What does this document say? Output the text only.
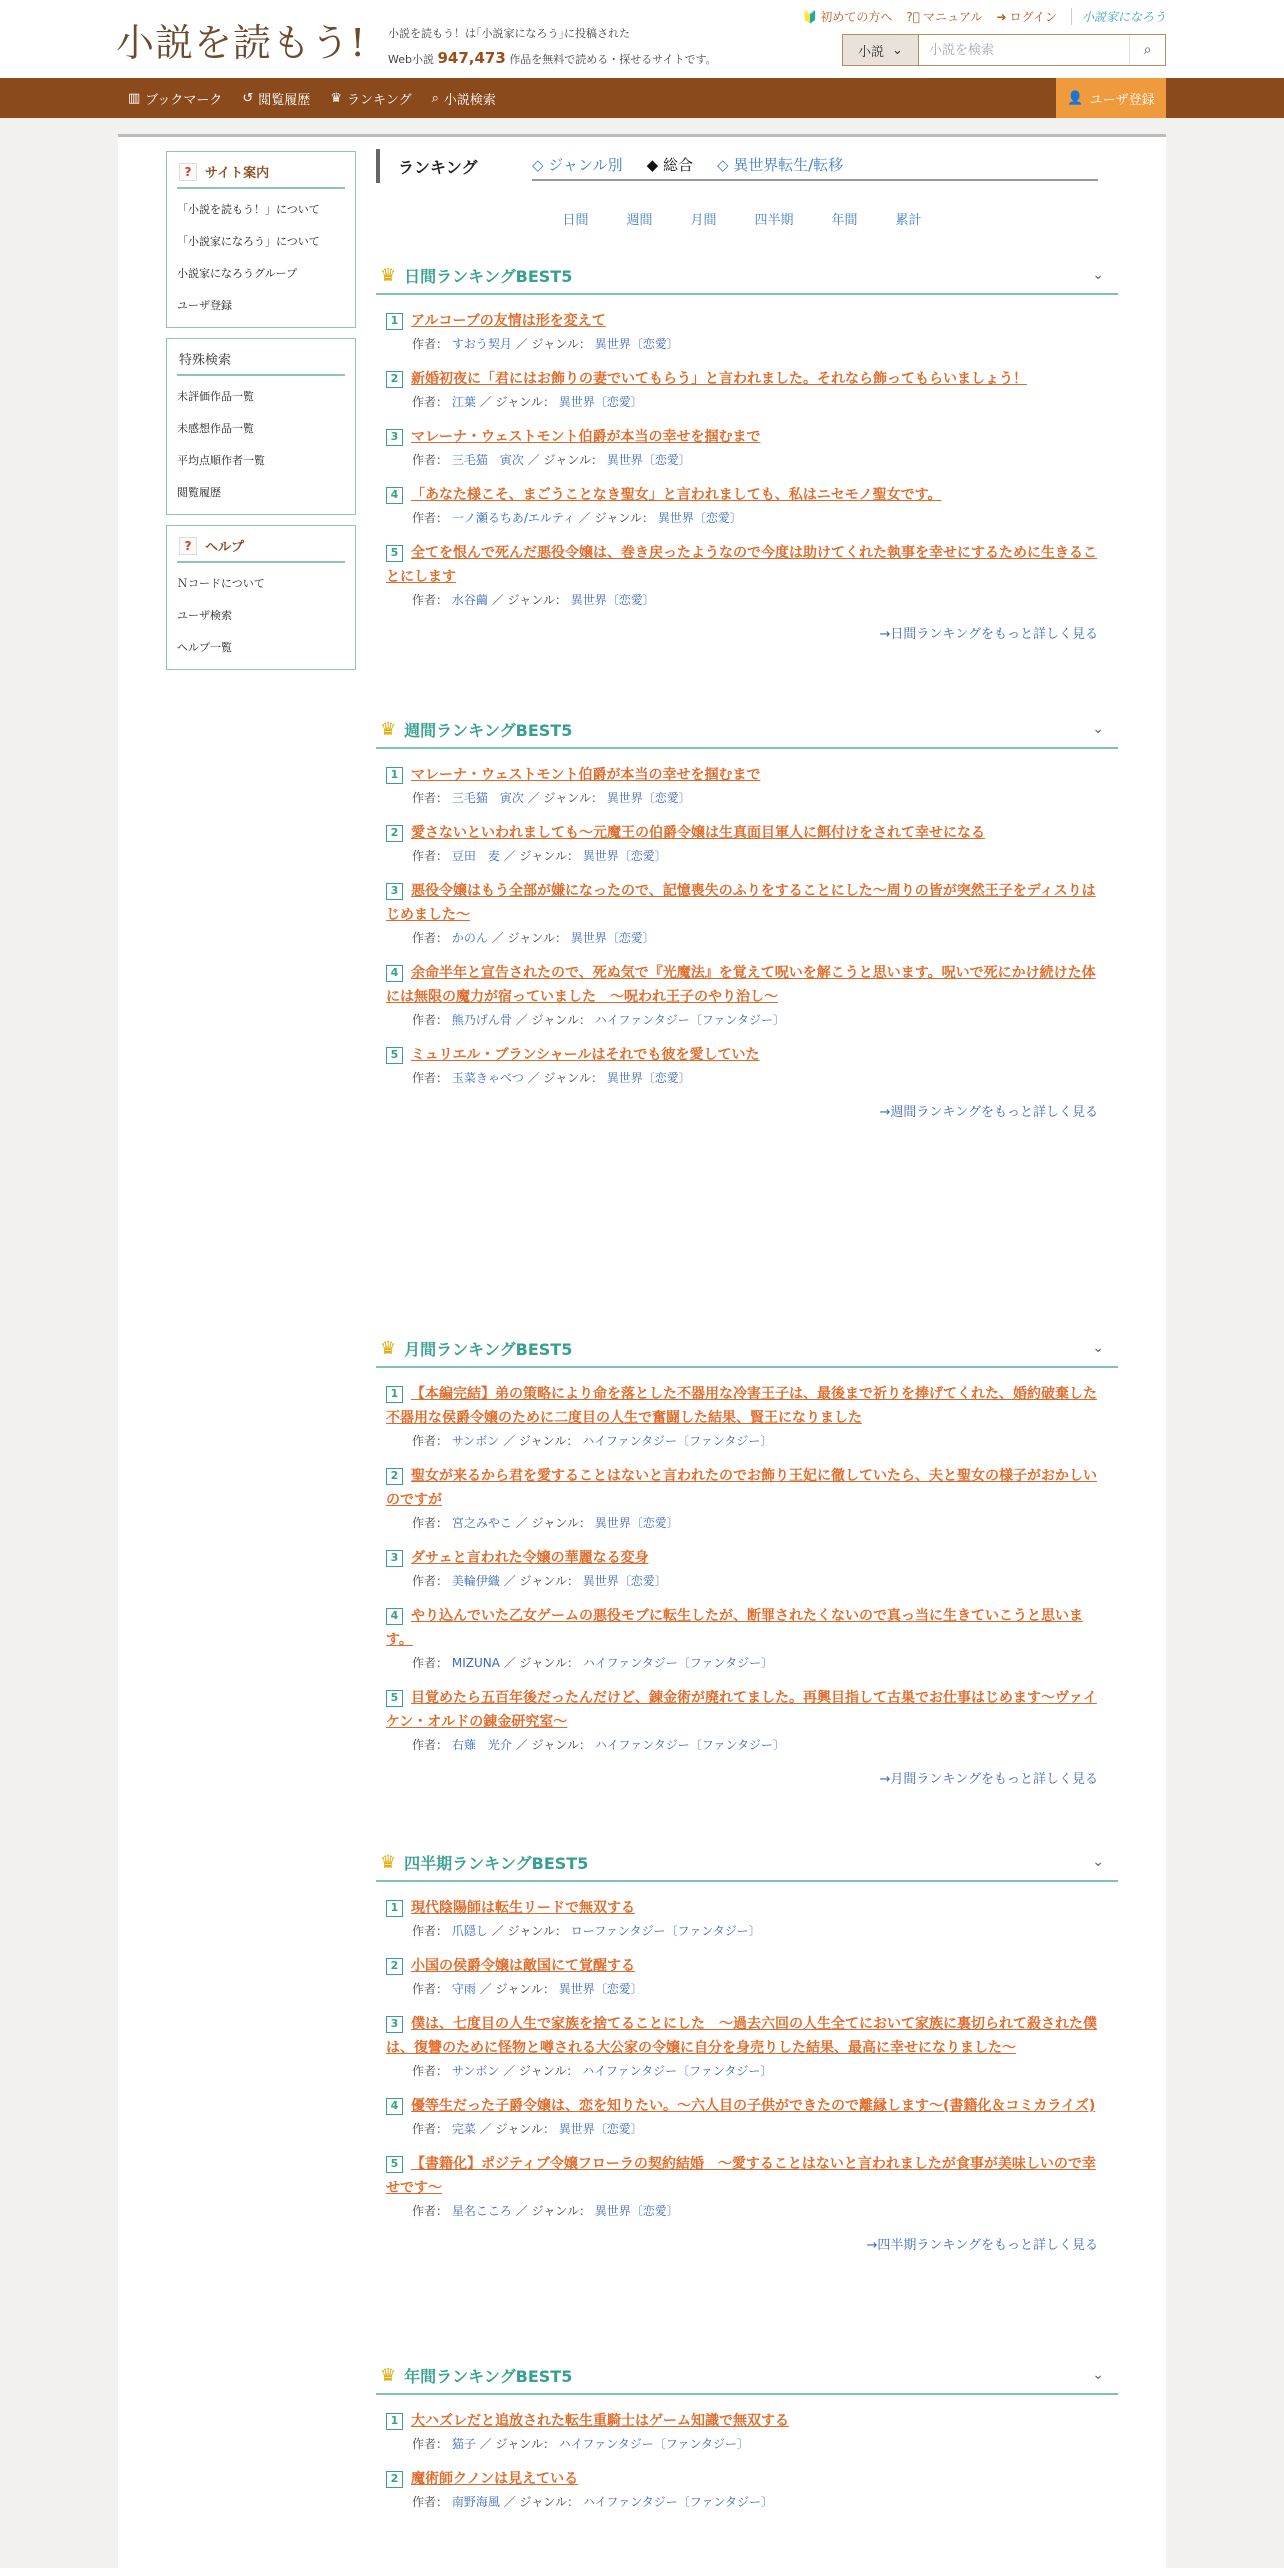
小説を読もう! 小説を読もう！は｢小説家になろう｣に投稿された
Web小説 947,473 作品を無料で読める・探せるサイトです。
🔰 初めての方へ ?⃝ マニュアル ➜ ログイン	小説家になろう
小説 ⌄
小説を検索	⌕
▥ ブックマーク ↺ 閲覧履歴 ♛ ランキング ⌕ 小説検索	👤 ユーザ登録
?	サイト案内
「小説を読もう！」について
「小説家になろう」について
小説家になろうグループ
ユーザ登録
特殊検索
未評価作品一覧
未感想作品一覧
平均点順作者一覧
閲覧履歴
?	ヘルプ
Ｎコードについて
ユーザ検索
ヘルプ一覧
ランキング	◇ ジャンル別 ◆ 総合 ◇ 異世界転生/転移
日間	週間	月間	四半期	年間	累計
♛ 日間ランキングBEST5	⌄
1 アルコーブの友情は形を変えて
作者： すおう契月 ／ ジャンル： 異世界〔恋愛〕
2 新婚初夜に「君にはお飾りの妻でいてもらう」と言われました。それなら飾ってもらいましょう！
作者： 江葉 ／ ジャンル： 異世界〔恋愛〕
3 マレーナ・ウェストモント伯爵が本当の幸せを掴むまで
作者： 三毛猫　寅次 ／ ジャンル： 異世界〔恋愛〕
4 「あなた様こそ、まごうことなき聖女」と言われましても、私はニセモノ聖女です。
作者： 一ノ瀬るちあ/エルティ ／ ジャンル： 異世界〔恋愛〕
5 全てを恨んで死んだ悪役令嬢は、巻き戻ったようなので今度は助けてくれた執事を幸せにするために生きることにします
作者： 水谷繭 ／ ジャンル： 異世界〔恋愛〕
→日間ランキングをもっと詳しく見る
♛ 週間ランキングBEST5	⌄
1 マレーナ・ウェストモント伯爵が本当の幸せを掴むまで
作者： 三毛猫　寅次 ／ ジャンル： 異世界〔恋愛〕
2 愛さないといわれましても～元魔王の伯爵令嬢は生真面目軍人に餌付けをされて幸せになる
作者： 豆田　麦 ／ ジャンル： 異世界〔恋愛〕
3 悪役令嬢はもう全部が嫌になったので、記憶喪失のふりをすることにした～周りの皆が突然王子をディスりはじめました～
作者： かのん ／ ジャンル： 異世界〔恋愛〕
4 余命半年と宣告されたので、死ぬ気で『光魔法』を覚えて呪いを解こうと思います。呪いで死にかけ続けた体には無限の魔力が宿っていました　～呪われ王子のやり治し～
作者： 熊乃げん骨 ／ ジャンル： ハイファンタジー〔ファンタジー〕
5 ミュリエル・ブランシャールはそれでも彼を愛していた
作者： 玉菜きゃべつ ／ ジャンル： 異世界〔恋愛〕
→週間ランキングをもっと詳しく見る
♛ 月間ランキングBEST5	⌄
1 【本編完結】弟の策略により命を落とした不器用な冷害王子は、最後まで祈りを捧げてくれた、婚約破棄した不器用な侯爵令嬢のために二度目の人生で奮闘した結果、賢王になりました
作者： サンボン ／ ジャンル： ハイファンタジー〔ファンタジー〕
2 聖女が来るから君を愛することはないと言われたのでお飾り王妃に徹していたら、夫と聖女の様子がおかしいのですが
作者： 宮之みやこ ／ ジャンル： 異世界〔恋愛〕
3 ダサェと言われた令嬢の華麗なる変身
作者： 美輪伊織 ／ ジャンル： 異世界〔恋愛〕
4 やり込んでいた乙女ゲームの悪役モブに転生したが、断罪されたくないので真っ当に生きていこうと思います。
作者： MIZUNA ／ ジャンル： ハイファンタジー〔ファンタジー〕
5 目覚めたら五百年後だったんだけど、錬金術が廃れてました。再興目指して古巣でお仕事はじめます～ヴァイケン・オルドの錬金研究室～
作者： 右薙　光介 ／ ジャンル： ハイファンタジー〔ファンタジー〕
→月間ランキングをもっと詳しく見る
♛ 四半期ランキングBEST5	⌄
1 現代陰陽師は転生リードで無双する
作者： 爪隠し ／ ジャンル： ローファンタジー〔ファンタジー〕
2 小国の侯爵令嬢は敵国にて覚醒する
作者： 守雨 ／ ジャンル： 異世界〔恋愛〕
3 僕は、七度目の人生で家族を捨てることにした　～過去六回の人生全てにおいて家族に裏切られて殺された僕は、復讐のために怪物と噂される大公家の令嬢に自分を身売りした結果、最高に幸せになりました～
作者： サンボン ／ ジャンル： ハイファンタジー〔ファンタジー〕
4 優等生だった子爵令嬢は、恋を知りたい。～六人目の子供ができたので離縁します～(書籍化＆コミカライズ)
作者： 完菜 ／ ジャンル： 異世界〔恋愛〕
5 【書籍化】ポジティブ令嬢フローラの契約結婚　～愛することはないと言われましたが食事が美味しいので幸せです～
作者： 星名こころ ／ ジャンル： 異世界〔恋愛〕
→四半期ランキングをもっと詳しく見る
♛ 年間ランキングBEST5	⌄
1 大ハズレだと追放された転生重騎士はゲーム知識で無双する
作者： 猫子 ／ ジャンル： ハイファンタジー〔ファンタジー〕
2 魔術師クノンは見えている
作者： 南野海風 ／ ジャンル： ハイファンタジー〔ファンタジー〕
